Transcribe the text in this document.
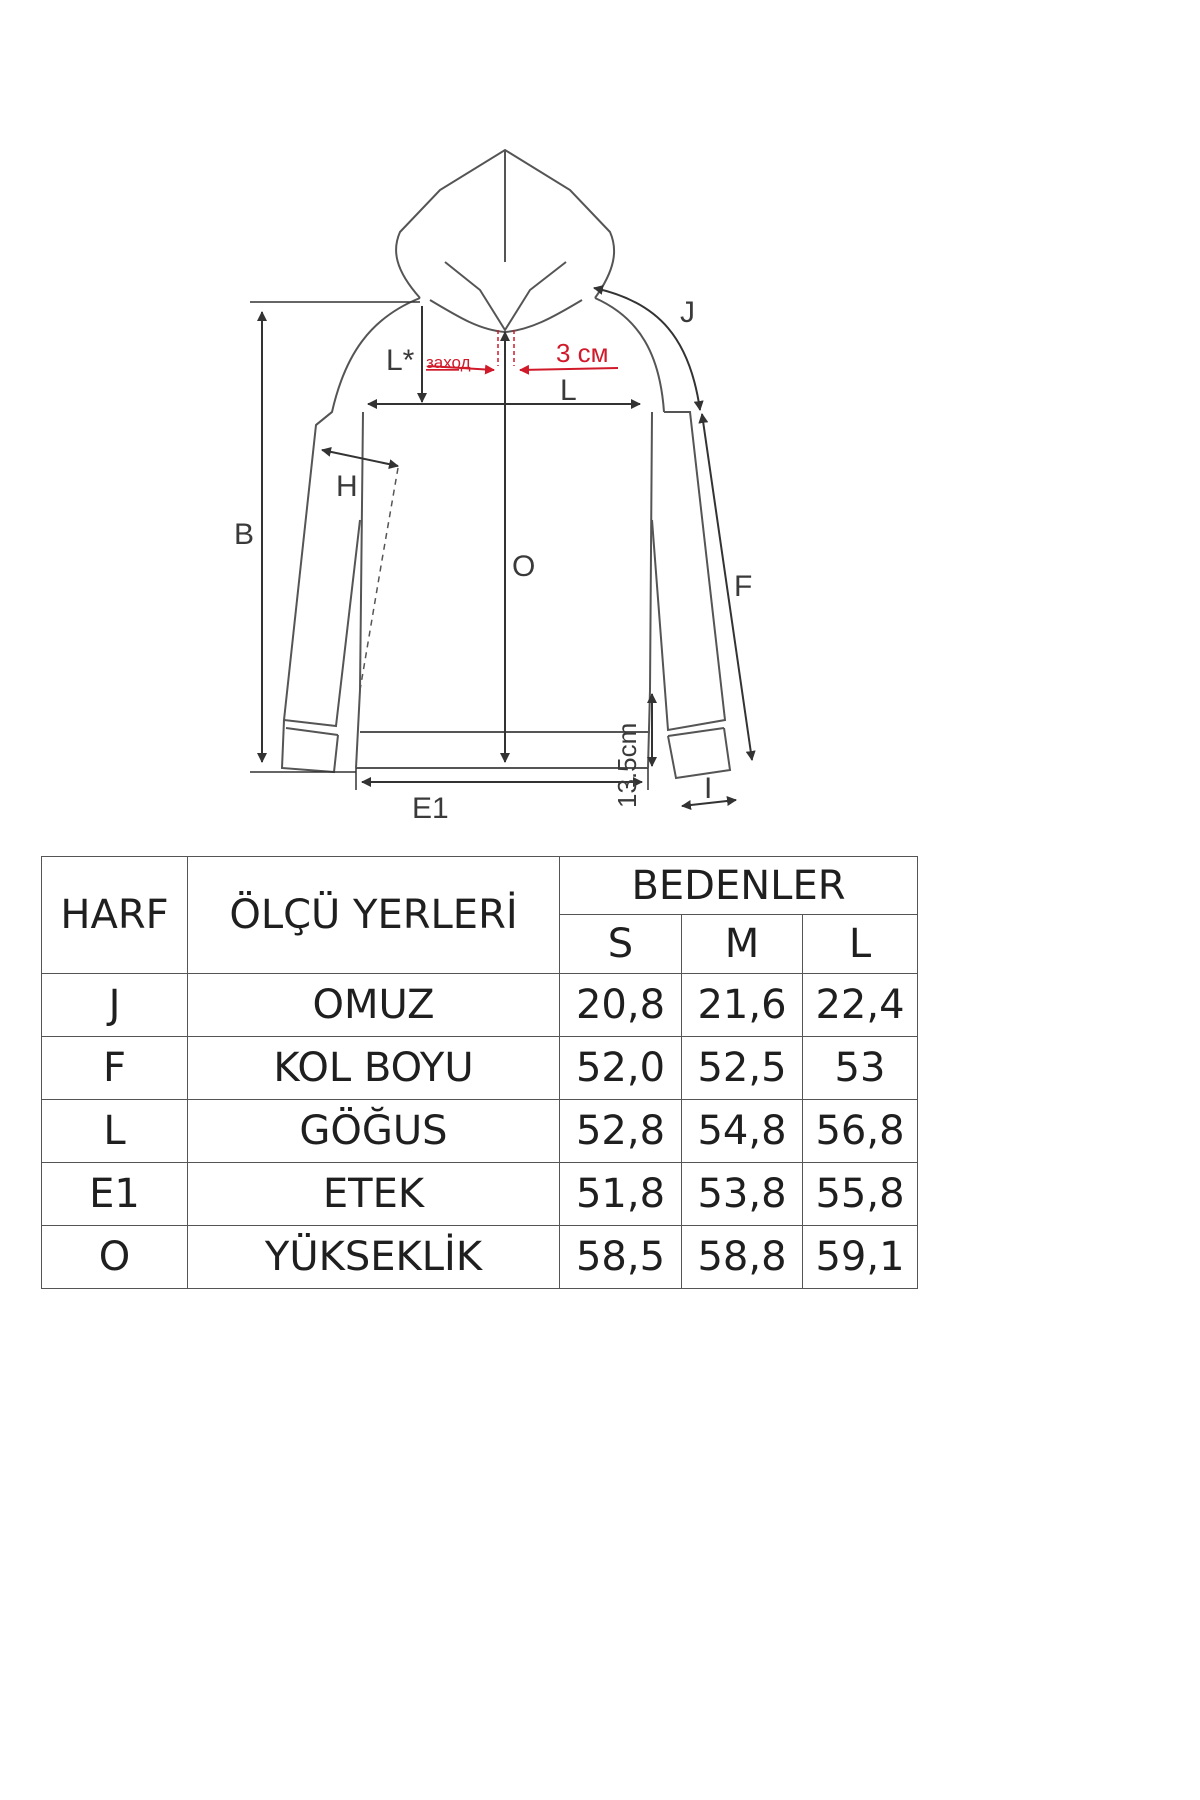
J
L* заход	3 см
L
H
B
O
F
13.5cm
E1
I
HARF	ÖLÇÜ YERLERİ	BEDENLER		
		S	M	L
J	OMUZ	20,8	21,6	22,4
F	KOL BOYU	52,0	52,5	53
L	GÖĞUS	52,8	54,8	56,8
E1	ETEK	51,8	53,8	55,8
O	YÜKSEKLİK	58,5	58,8	59,1
